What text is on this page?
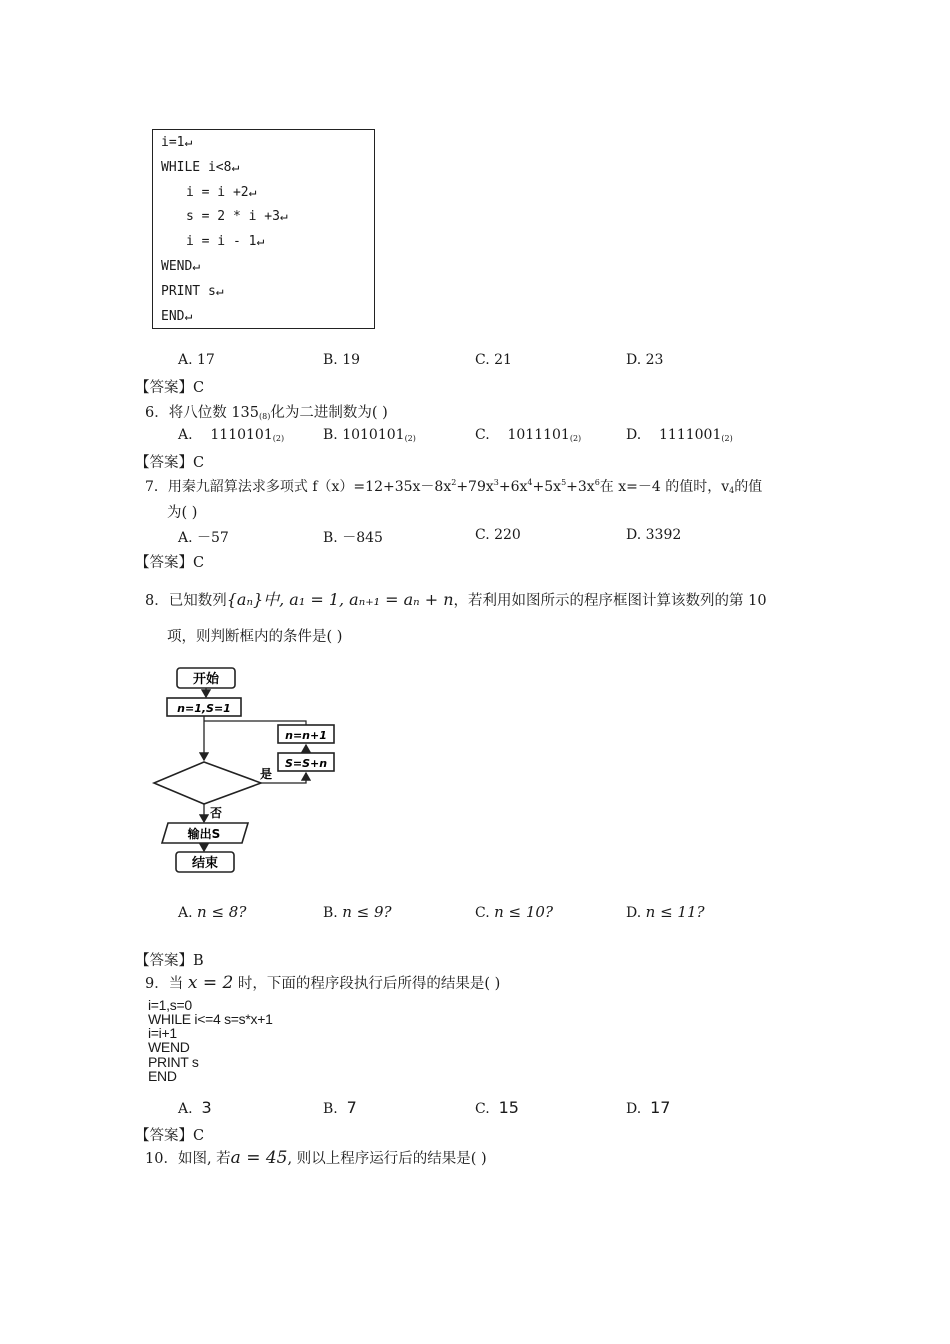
i=1↵
WHILE i<8↵
i = i +2↵
s = 2 * i +3↵
i = i - 1↵
WEND↵
PRINT s↵
END↵
A. 17	B. 19	C. 21	D. 23
【答案】C
6．将八位数 $135_{(8)}$化为二进制数为( )
A. $1110101_{(2)}$	B. $1010101_{(2)}$	C. $1011101_{(2)}$	D. $1111001_{(2)}$
【答案】C
7．用秦九韶算法求多项式 $f(x)=12+35x-8x^2+79x^3+6x^4+5x^5+3x^6$在 x=－4 的值时，$v_4$的值
为( )
A. －57	B. －845	C. 220	D. 3392
【答案】C
8．已知数列{aₙ}中, a₁ = 1, aₙ₊₁ = aₙ + n，若利用如图所示的程序框图计算该数列的第 10
项，则判断框内的条件是( )
开始
n=1,S=1
n=n+1
S=S+n
是
否
输出S
结束
A. n ≤ 8?	B. n ≤ 9?	C. n ≤ 10?	D. n ≤ 11?
【答案】B
9．当 x = 2 时，下面的程序段执行后所得的结果是( )
i=1,s=0
WHILE i<=4 s=s*x+1
i=i+1
WEND
PRINT s
END
A. 3	B. 7	C. 15	D. 17
【答案】C
10．如图, 若a = 45, 则以上程序运行后的结果是( )
